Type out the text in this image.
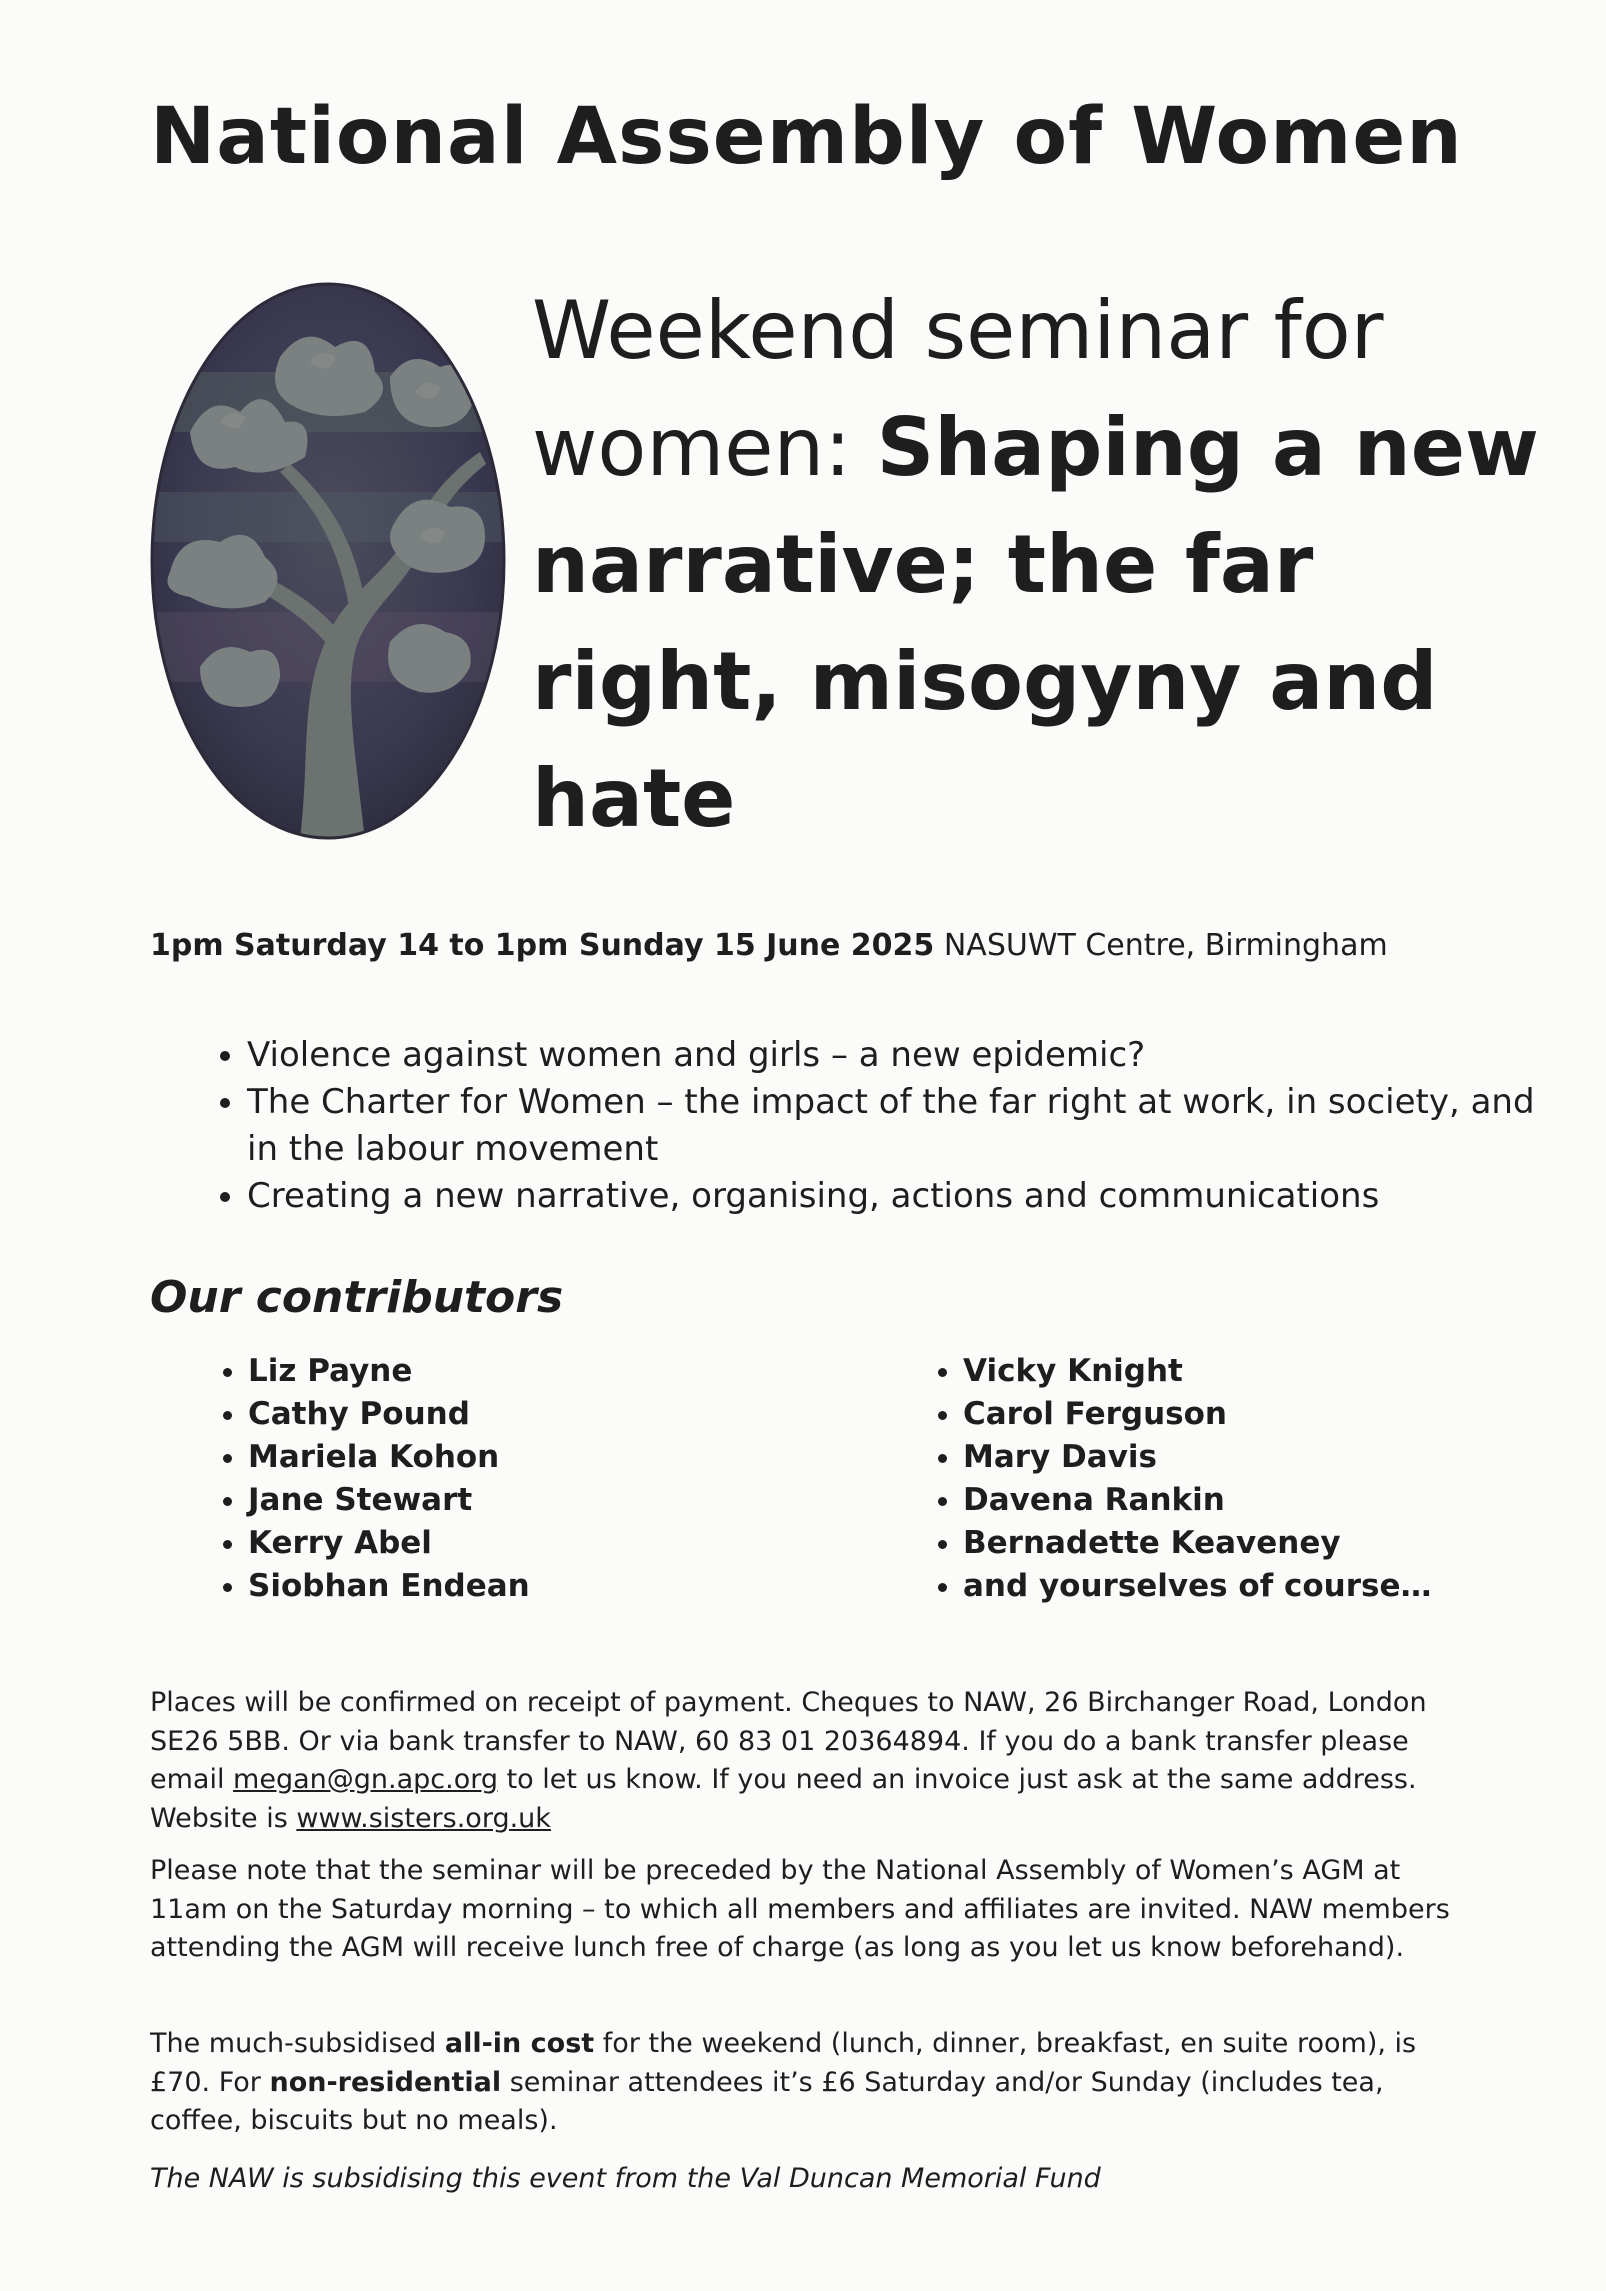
National Assembly of Women
Weekend seminar for women: Shaping a new narrative; the far right, misogyny and hate
1pm Saturday 14 to 1pm Sunday 15 June 2025 NASUWT Centre, Birmingham
• Violence against women and girls – a new epidemic?
• The Charter for Women – the impact of the far right at work, in society, and in the labour movement
• Creating a new narrative, organising, actions and communications
Our contributors
• Liz Payne
• Cathy Pound
• Mariela Kohon
• Jane Stewart
• Kerry Abel
• Siobhan Endean
• Vicky Knight
• Carol Ferguson
• Mary Davis
• Davena Rankin
• Bernadette Keaveney
• and yourselves of course…

Places will be confirmed on receipt of payment. Cheques to NAW, 26 Birchanger Road, London SE26 5BB. Or via bank transfer to NAW, 60 83 01 20364894. If you do a bank transfer please email megan@gn.apc.org to let us know. If you need an invoice just ask at the same address. Website is www.sisters.org.uk

Please note that the seminar will be preceded by the National Assembly of Women’s AGM at 11am on the Saturday morning – to which all members and affiliates are invited. NAW members attending the AGM will receive lunch free of charge (as long as you let us know beforehand).

The much-subsidised all-in cost for the weekend (lunch, dinner, breakfast, en suite room), is £70. For non-residential seminar attendees it’s £6 Saturday and/or Sunday (includes tea, coffee, biscuits but no meals).

The NAW is subsidising this event from the Val Duncan Memorial Fund
